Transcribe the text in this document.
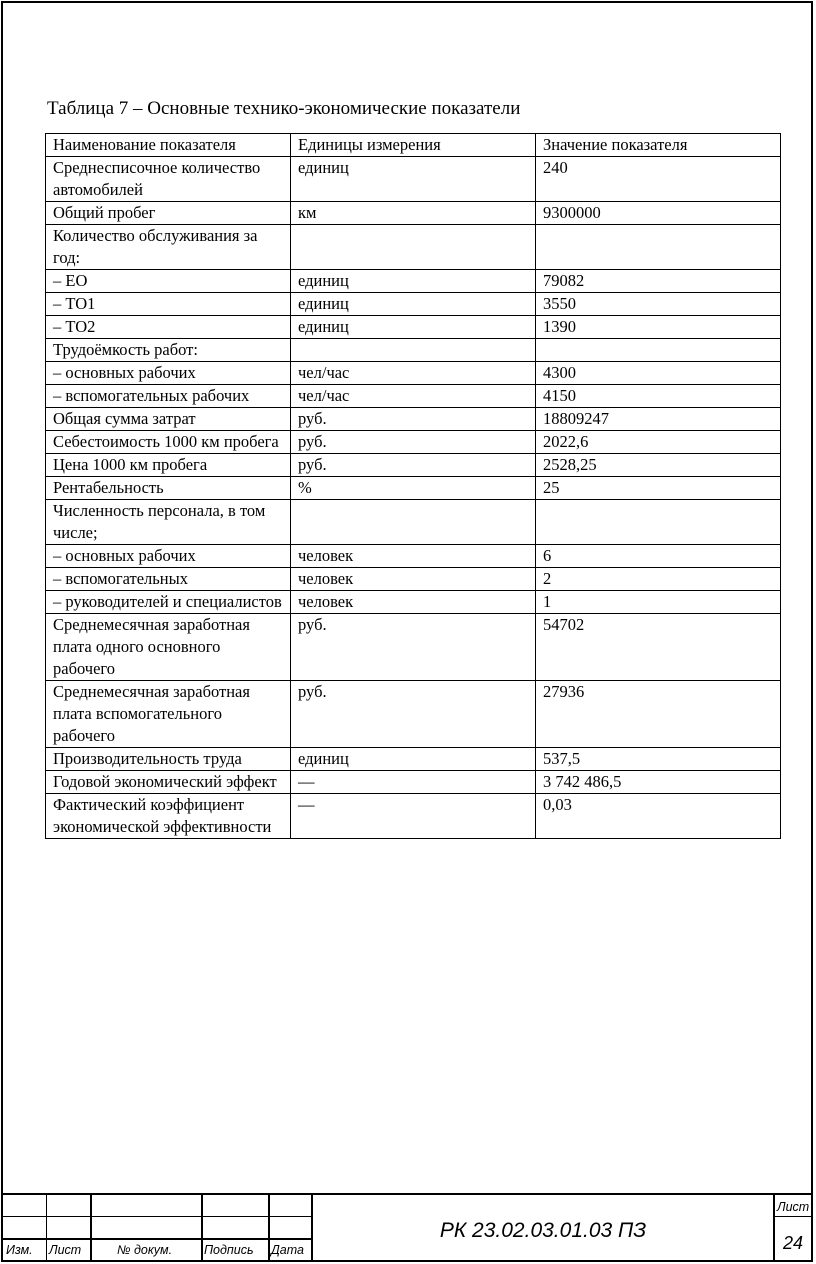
Таблица 7 – Основные технико-экономические показатели
Наименование показателя	Единицы измерения	Значение показателя
Среднесписочное количество автомобилей	единиц	240
Общий пробег	км	9300000
Количество обслуживания за год:		
– ЕО	единиц	79082
– ТО1	единиц	3550
– ТО2	единиц	1390
Трудоёмкость работ:		
– основных рабочих	чел/час	4300
– вспомогательных рабочих	чел/час	4150
Общая сумма затрат	руб.	18809247
Себестоимость 1000 км пробега	руб.	2022,6
Цена 1000 км пробега	руб.	2528,25
Рентабельность	%	25
Численность персонала, в том числе;		
– основных рабочих	человек	6
– вспомогательных	человек	2
– руководителей и специалистов	человек	1
Среднемесячная заработная плата одного основного рабочего	руб.	54702
Среднемесячная заработная плата вспомогательного рабочего	руб.	27936
Производительность труда	единиц	537,5
Годовой экономический эффект	—	3 742 486,5
Фактический коэффициент экономической эффективности	—	0,03
Изм. Лист	№ докум.	Подпись Дата
Лист
РК 23.02.03.01.03 ПЗ
24
